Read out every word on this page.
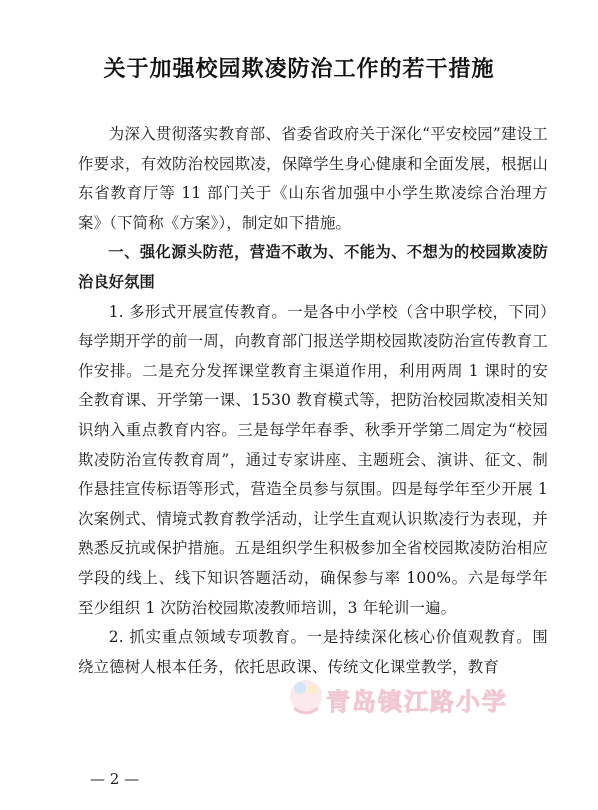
关于加强校园欺凌防治工作的若干措施

为深入贯彻落实教育部、省委省政府关于深化“平安校园”建设工作要求，有效防治校园欺凌，保障学生身心健康和全面发展，根据山东省教育厅等 11 部门关于《山东省加强中小学生欺凌综合治理方案》（下简称《方案》），制定如下措施。

一、强化源头防范，营造不敢为、不能为、不想为的校园欺凌防治良好氛围

1. 多形式开展宣传教育。一是各中小学校（含中职学校，下同）每学期开学的前一周，向教育部门报送学期校园欺凌防治宣传教育工作安排。二是充分发挥课堂教育主渠道作用，利用两周 1 课时的安全教育课、开学第一课、1530 教育模式等，把防治校园欺凌相关知识纳入重点教育内容。三是每学年春季、秋季开学第二周定为“校园欺凌防治宣传教育周”，通过专家讲座、主题班会、演讲、征文、制作悬挂宣传标语等形式，营造全员参与氛围。四是每学年至少开展 1 次案例式、情境式教育教学活动，让学生直观认识欺凌行为表现，并熟悉反抗或保护措施。五是组织学生积极参加全省校园欺凌防治相应学段的线上、线下知识答题活动，确保参与率 100%。六是每学年至少组织 1 次防治校园欺凌教师培训，3 年轮训一遍。

2. 抓实重点领域专项教育。一是持续深化核心价值观教育。围绕立德树人根本任务，依托思政课、传统文化课堂教学，教育

— 2 —
青岛镇江路小学
